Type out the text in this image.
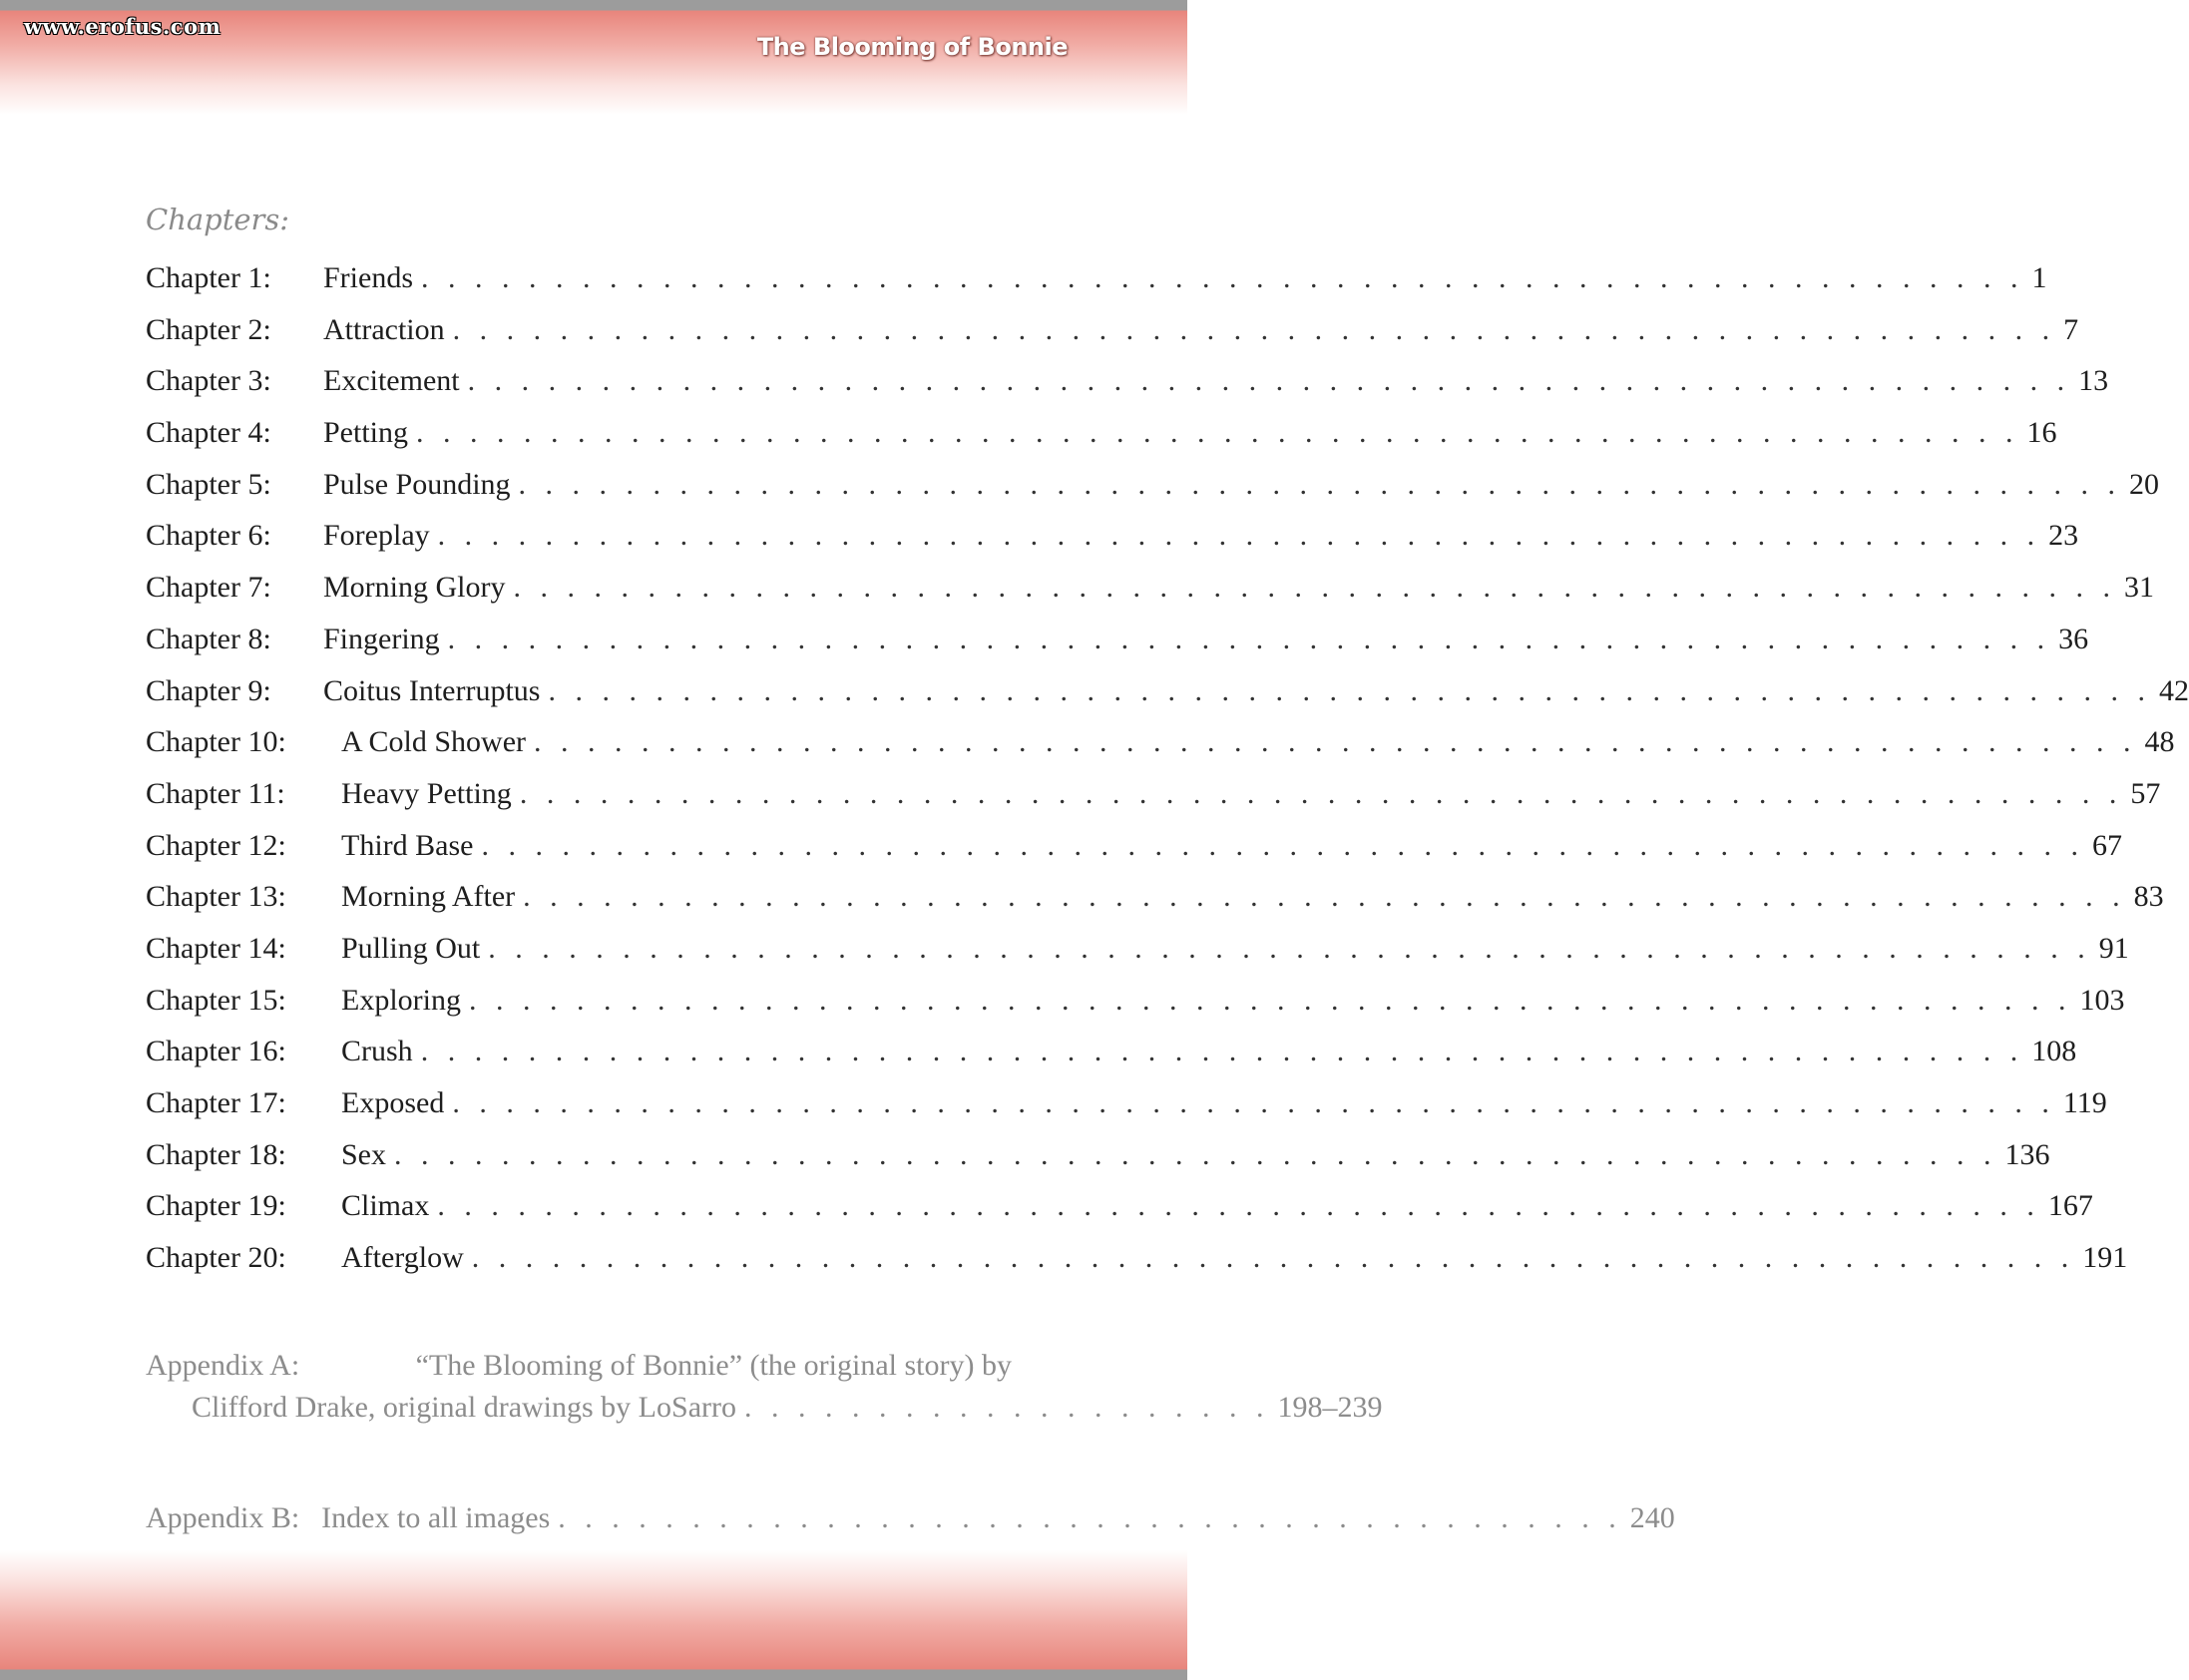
www.erofus.com
The Blooming of Bonnie
Chapters:
Chapter 1:	Friends . . . . . . . . . . . . . . . . . . . . . . . . . . . . . . . . . . . . . . . . . . . . . . . . . . . . . . . . . . . . 1
Chapter 2:	Attraction . . . . . . . . . . . . . . . . . . . . . . . . . . . . . . . . . . . . . . . . . . . . . . . . . . . . . . . . . . . . 7
Chapter 3:	Excitement . . . . . . . . . . . . . . . . . . . . . . . . . . . . . . . . . . . . . . . . . . . . . . . . . . . . . . . . . . . . 13
Chapter 4:	Petting . . . . . . . . . . . . . . . . . . . . . . . . . . . . . . . . . . . . . . . . . . . . . . . . . . . . . . . . . . . . 16
Chapter 5:	Pulse Pounding . . . . . . . . . . . . . . . . . . . . . . . . . . . . . . . . . . . . . . . . . . . . . . . . . . . . . . . . . . . . 20
Chapter 6:	Foreplay . . . . . . . . . . . . . . . . . . . . . . . . . . . . . . . . . . . . . . . . . . . . . . . . . . . . . . . . . . . . 23
Chapter 7:	Morning Glory . . . . . . . . . . . . . . . . . . . . . . . . . . . . . . . . . . . . . . . . . . . . . . . . . . . . . . . . . . . . 31
Chapter 8:	Fingering . . . . . . . . . . . . . . . . . . . . . . . . . . . . . . . . . . . . . . . . . . . . . . . . . . . . . . . . . . . . 36
Chapter 9:	Coitus Interruptus . . . . . . . . . . . . . . . . . . . . . . . . . . . . . . . . . . . . . . . . . . . . . . . . . . . . . . . . . . . . 42
Chapter 10:	A Cold Shower . . . . . . . . . . . . . . . . . . . . . . . . . . . . . . . . . . . . . . . . . . . . . . . . . . . . . . . . . . . . 48
Chapter 11:	Heavy Petting . . . . . . . . . . . . . . . . . . . . . . . . . . . . . . . . . . . . . . . . . . . . . . . . . . . . . . . . . . . . 57
Chapter 12:	Third Base . . . . . . . . . . . . . . . . . . . . . . . . . . . . . . . . . . . . . . . . . . . . . . . . . . . . . . . . . . . . 67
Chapter 13:	Morning After . . . . . . . . . . . . . . . . . . . . . . . . . . . . . . . . . . . . . . . . . . . . . . . . . . . . . . . . . . . . 83
Chapter 14:	Pulling Out . . . . . . . . . . . . . . . . . . . . . . . . . . . . . . . . . . . . . . . . . . . . . . . . . . . . . . . . . . . . 91
Chapter 15:	Exploring . . . . . . . . . . . . . . . . . . . . . . . . . . . . . . . . . . . . . . . . . . . . . . . . . . . . . . . . . . . . 103
Chapter 16:	Crush . . . . . . . . . . . . . . . . . . . . . . . . . . . . . . . . . . . . . . . . . . . . . . . . . . . . . . . . . . . . 108
Chapter 17:	Exposed . . . . . . . . . . . . . . . . . . . . . . . . . . . . . . . . . . . . . . . . . . . . . . . . . . . . . . . . . . . . 119
Chapter 18:	Sex . . . . . . . . . . . . . . . . . . . . . . . . . . . . . . . . . . . . . . . . . . . . . . . . . . . . . . . . . . . . 136
Chapter 19:	Climax . . . . . . . . . . . . . . . . . . . . . . . . . . . . . . . . . . . . . . . . . . . . . . . . . . . . . . . . . . . . 167
Chapter 20:	Afterglow . . . . . . . . . . . . . . . . . . . . . . . . . . . . . . . . . . . . . . . . . . . . . . . . . . . . . . . . . . . . 191
Appendix A:	“The Blooming of Bonnie” (the original story) by
Clifford Drake, original drawings by LoSarro . . . . . . . . . . . . . . . . . . . . 198–239
Appendix B: Index to all images . . . . . . . . . . . . . . . . . . . . . . . . . . . . . . . . . . . . . . . . 240
